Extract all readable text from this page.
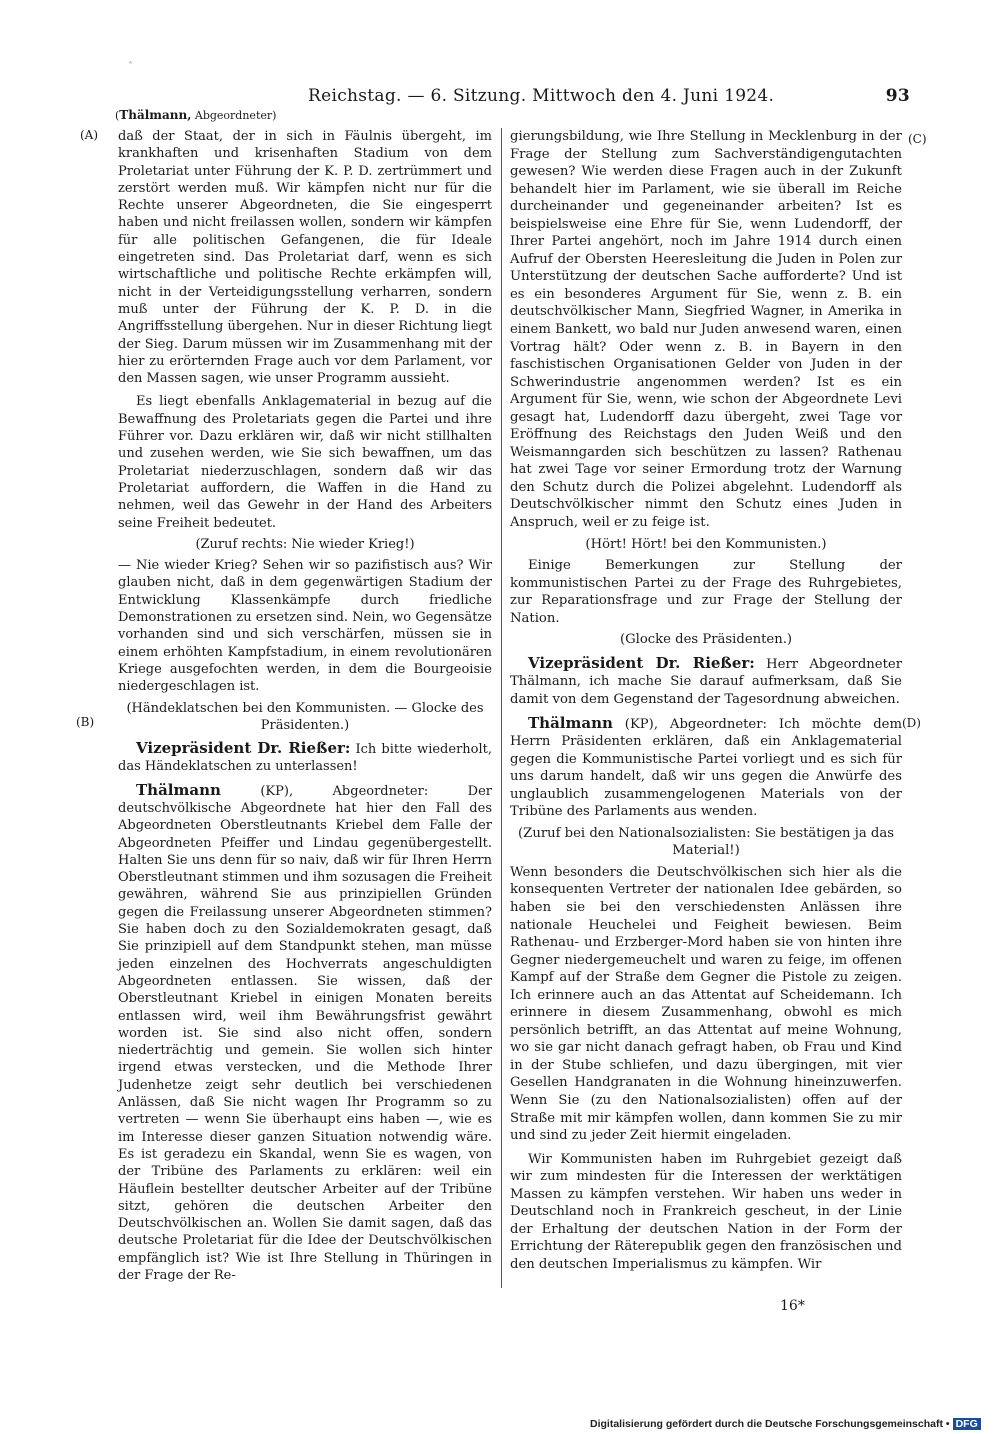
ˆ
Reichstag. — 6. Sitzung. Mittwoch den 4. Juni 1924.	93
(Thälmann, Abgeordneter)
(A)
(B)
(C)
(D)

daß der Staat, der in sich in Fäulnis übergeht, im krankhaften und krisenhaften Stadium von dem Proletariat unter Führung der K. P. D. zertrümmert und zerstört werden muß. Wir kämpfen nicht nur für die Rechte unserer Abgeordneten, die Sie eingesperrt haben und nicht freilassen wollen, sondern wir kämpfen für alle politischen Gefangenen, die für Ideale eingetreten sind. Das Proletariat darf, wenn es sich wirtschaftliche und politische Rechte erkämpfen will, nicht in der Verteidigungsstellung verharren, sondern muß unter der Führung der K. P. D. in die Angriffsstellung übergehen. Nur in dieser Richtung liegt der Sieg. Darum müssen wir im Zusammenhang mit der hier zu erörternden Frage auch vor dem Parlament, vor den Massen sagen, wie unser Programm aussieht.

Es liegt ebenfalls Anklagematerial in bezug auf die Bewaffnung des Proletariats gegen die Partei und ihre Führer vor. Dazu erklären wir, daß wir nicht stillhalten und zusehen werden, wie Sie sich bewaffnen, um das Proletariat niederzuschlagen, sondern daß wir das Proletariat auffordern, die Waffen in die Hand zu nehmen, weil das Gewehr in der Hand des Arbeiters seine Freiheit bedeutet.

(Zuruf rechts: Nie wieder Krieg!)

— Nie wieder Krieg? Sehen wir so pazifistisch aus? Wir glauben nicht, daß in dem gegenwärtigen Stadium der Entwicklung Klassenkämpfe durch friedliche Demonstrationen zu ersetzen sind. Nein, wo Gegensätze vorhanden sind und sich verschärfen, müssen sie in einem erhöhten Kampfstadium, in einem revolutionären Kriege ausgefochten werden, in dem die Bourgeoisie niedergeschlagen ist.

(Händeklatschen bei den Kommunisten. — Glocke des Präsidenten.)

Vizepräsident Dr. Rießer: Ich bitte wiederholt, das Händeklatschen zu unterlassen!

Thälmann (KP), Abgeordneter: Der deutschvölkische Abgeordnete hat hier den Fall des Abgeordneten Oberstleutnants Kriebel dem Falle der Abgeordneten Pfeiffer und Lindau gegenübergestellt. Halten Sie uns denn für so naiv, daß wir für Ihren Herrn Oberstleutnant stimmen und ihm sozusagen die Freiheit gewähren, während Sie aus prinzipiellen Gründen gegen die Freilassung unserer Abgeordneten stimmen? Sie haben doch zu den Sozialdemokraten gesagt, daß Sie prinzipiell auf dem Standpunkt stehen, man müsse jeden einzelnen des Hochverrats angeschuldigten Abgeordneten entlassen. Sie wissen, daß der Oberstleutnant Kriebel in einigen Monaten bereits entlassen wird, weil ihm Bewährungsfrist gewährt worden ist. Sie sind also nicht offen, sondern niederträchtig und gemein. Sie wollen sich hinter irgend etwas verstecken, und die Methode Ihrer Judenhetze zeigt sehr deutlich bei verschiedenen Anlässen, daß Sie nicht wagen Ihr Programm so zu vertreten — wenn Sie überhaupt eins haben —, wie es im Interesse dieser ganzen Situation notwendig wäre. Es ist geradezu ein Skandal, wenn Sie es wagen, von der Tribüne des Parlaments zu erklären: weil ein Häuflein bestellter deutscher Arbeiter auf der Tribüne sitzt, gehören die deutschen Arbeiter den Deutschvölkischen an. Wollen Sie damit sagen, daß das deutsche Proletariat für die Idee der Deutschvölkischen empfänglich ist? Wie ist Ihre Stellung in Thüringen in der Frage der Re-

gierungsbildung, wie Ihre Stellung in Mecklenburg in der Frage der Stellung zum Sachverständigengutachten gewesen? Wie werden diese Fragen auch in der Zukunft behandelt hier im Parlament, wie sie überall im Reiche durcheinander und gegeneinander arbeiten? Ist es beispielsweise eine Ehre für Sie, wenn Ludendorff, der Ihrer Partei angehört, noch im Jahre 1914 durch einen Aufruf der Obersten Heeresleitung die Juden in Polen zur Unterstützung der deutschen Sache aufforderte? Und ist es ein besonderes Argument für Sie, wenn z. B. ein deutschvölkischer Mann, Siegfried Wagner, in Amerika in einem Bankett, wo bald nur Juden anwesend waren, einen Vortrag hält? Oder wenn z. B. in Bayern in den faschistischen Organisationen Gelder von Juden in der Schwerindustrie angenommen werden? Ist es ein Argument für Sie, wenn, wie schon der Abgeordnete Levi gesagt hat, Ludendorff dazu übergeht, zwei Tage vor Eröffnung des Reichstags den Juden Weiß und den Weismanngarden sich beschützen zu lassen? Rathenau hat zwei Tage vor seiner Ermordung trotz der Warnung den Schutz durch die Polizei abgelehnt. Ludendorff als Deutschvölkischer nimmt den Schutz eines Juden in Anspruch, weil er zu feige ist.

(Hört! Hört! bei den Kommunisten.)

Einige Bemerkungen zur Stellung der kommunistischen Partei zu der Frage des Ruhrgebietes, zur Reparationsfrage und zur Frage der Stellung der Nation.

(Glocke des Präsidenten.)

Vizepräsident Dr. Rießer: Herr Abgeordneter Thälmann, ich mache Sie darauf aufmerksam, daß Sie damit von dem Gegenstand der Tagesordnung abweichen.

Thälmann (KP), Abgeordneter: Ich möchte dem Herrn Präsidenten erklären, daß ein Anklagematerial gegen die Kommunistische Partei vorliegt und es sich für uns darum handelt, daß wir uns gegen die Anwürfe des unglaublich zusammengelogenen Materials von der Tribüne des Parlaments aus wenden.

(Zuruf bei den Nationalsozialisten: Sie bestätigen ja das Material!)

Wenn besonders die Deutschvölkischen sich hier als die konsequenten Vertreter der nationalen Idee gebärden, so haben sie bei den verschiedensten Anlässen ihre nationale Heuchelei und Feigheit bewiesen. Beim Rathenau- und Erzberger-Mord haben sie von hinten ihre Gegner niedergemeuchelt und waren zu feige, im offenen Kampf auf der Straße dem Gegner die Pistole zu zeigen. Ich erinnere auch an das Attentat auf Scheidemann. Ich erinnere in diesem Zusammenhang, obwohl es mich persönlich betrifft, an das Attentat auf meine Wohnung, wo sie gar nicht danach gefragt haben, ob Frau und Kind in der Stube schliefen, und dazu übergingen, mit vier Gesellen Handgranaten in die Wohnung hineinzuwerfen. Wenn Sie (zu den Nationalsozialisten) offen auf der Straße mit mir kämpfen wollen, dann kommen Sie zu mir und sind zu jeder Zeit hiermit eingeladen.

Wir Kommunisten haben im Ruhrgebiet gezeigt daß wir zum mindesten für die Interessen der werktätigen Massen zu kämpfen verstehen. Wir haben uns weder in Deutschland noch in Frankreich gescheut, in der Linie der Erhaltung der deutschen Nation in der Form der Errichtung der Räterepublik gegen den französischen und den deutschen Imperialismus zu kämpfen. Wir

16*
Digitalisierung gefördert durch die Deutsche Forschungsgemeinschaft • DFG
